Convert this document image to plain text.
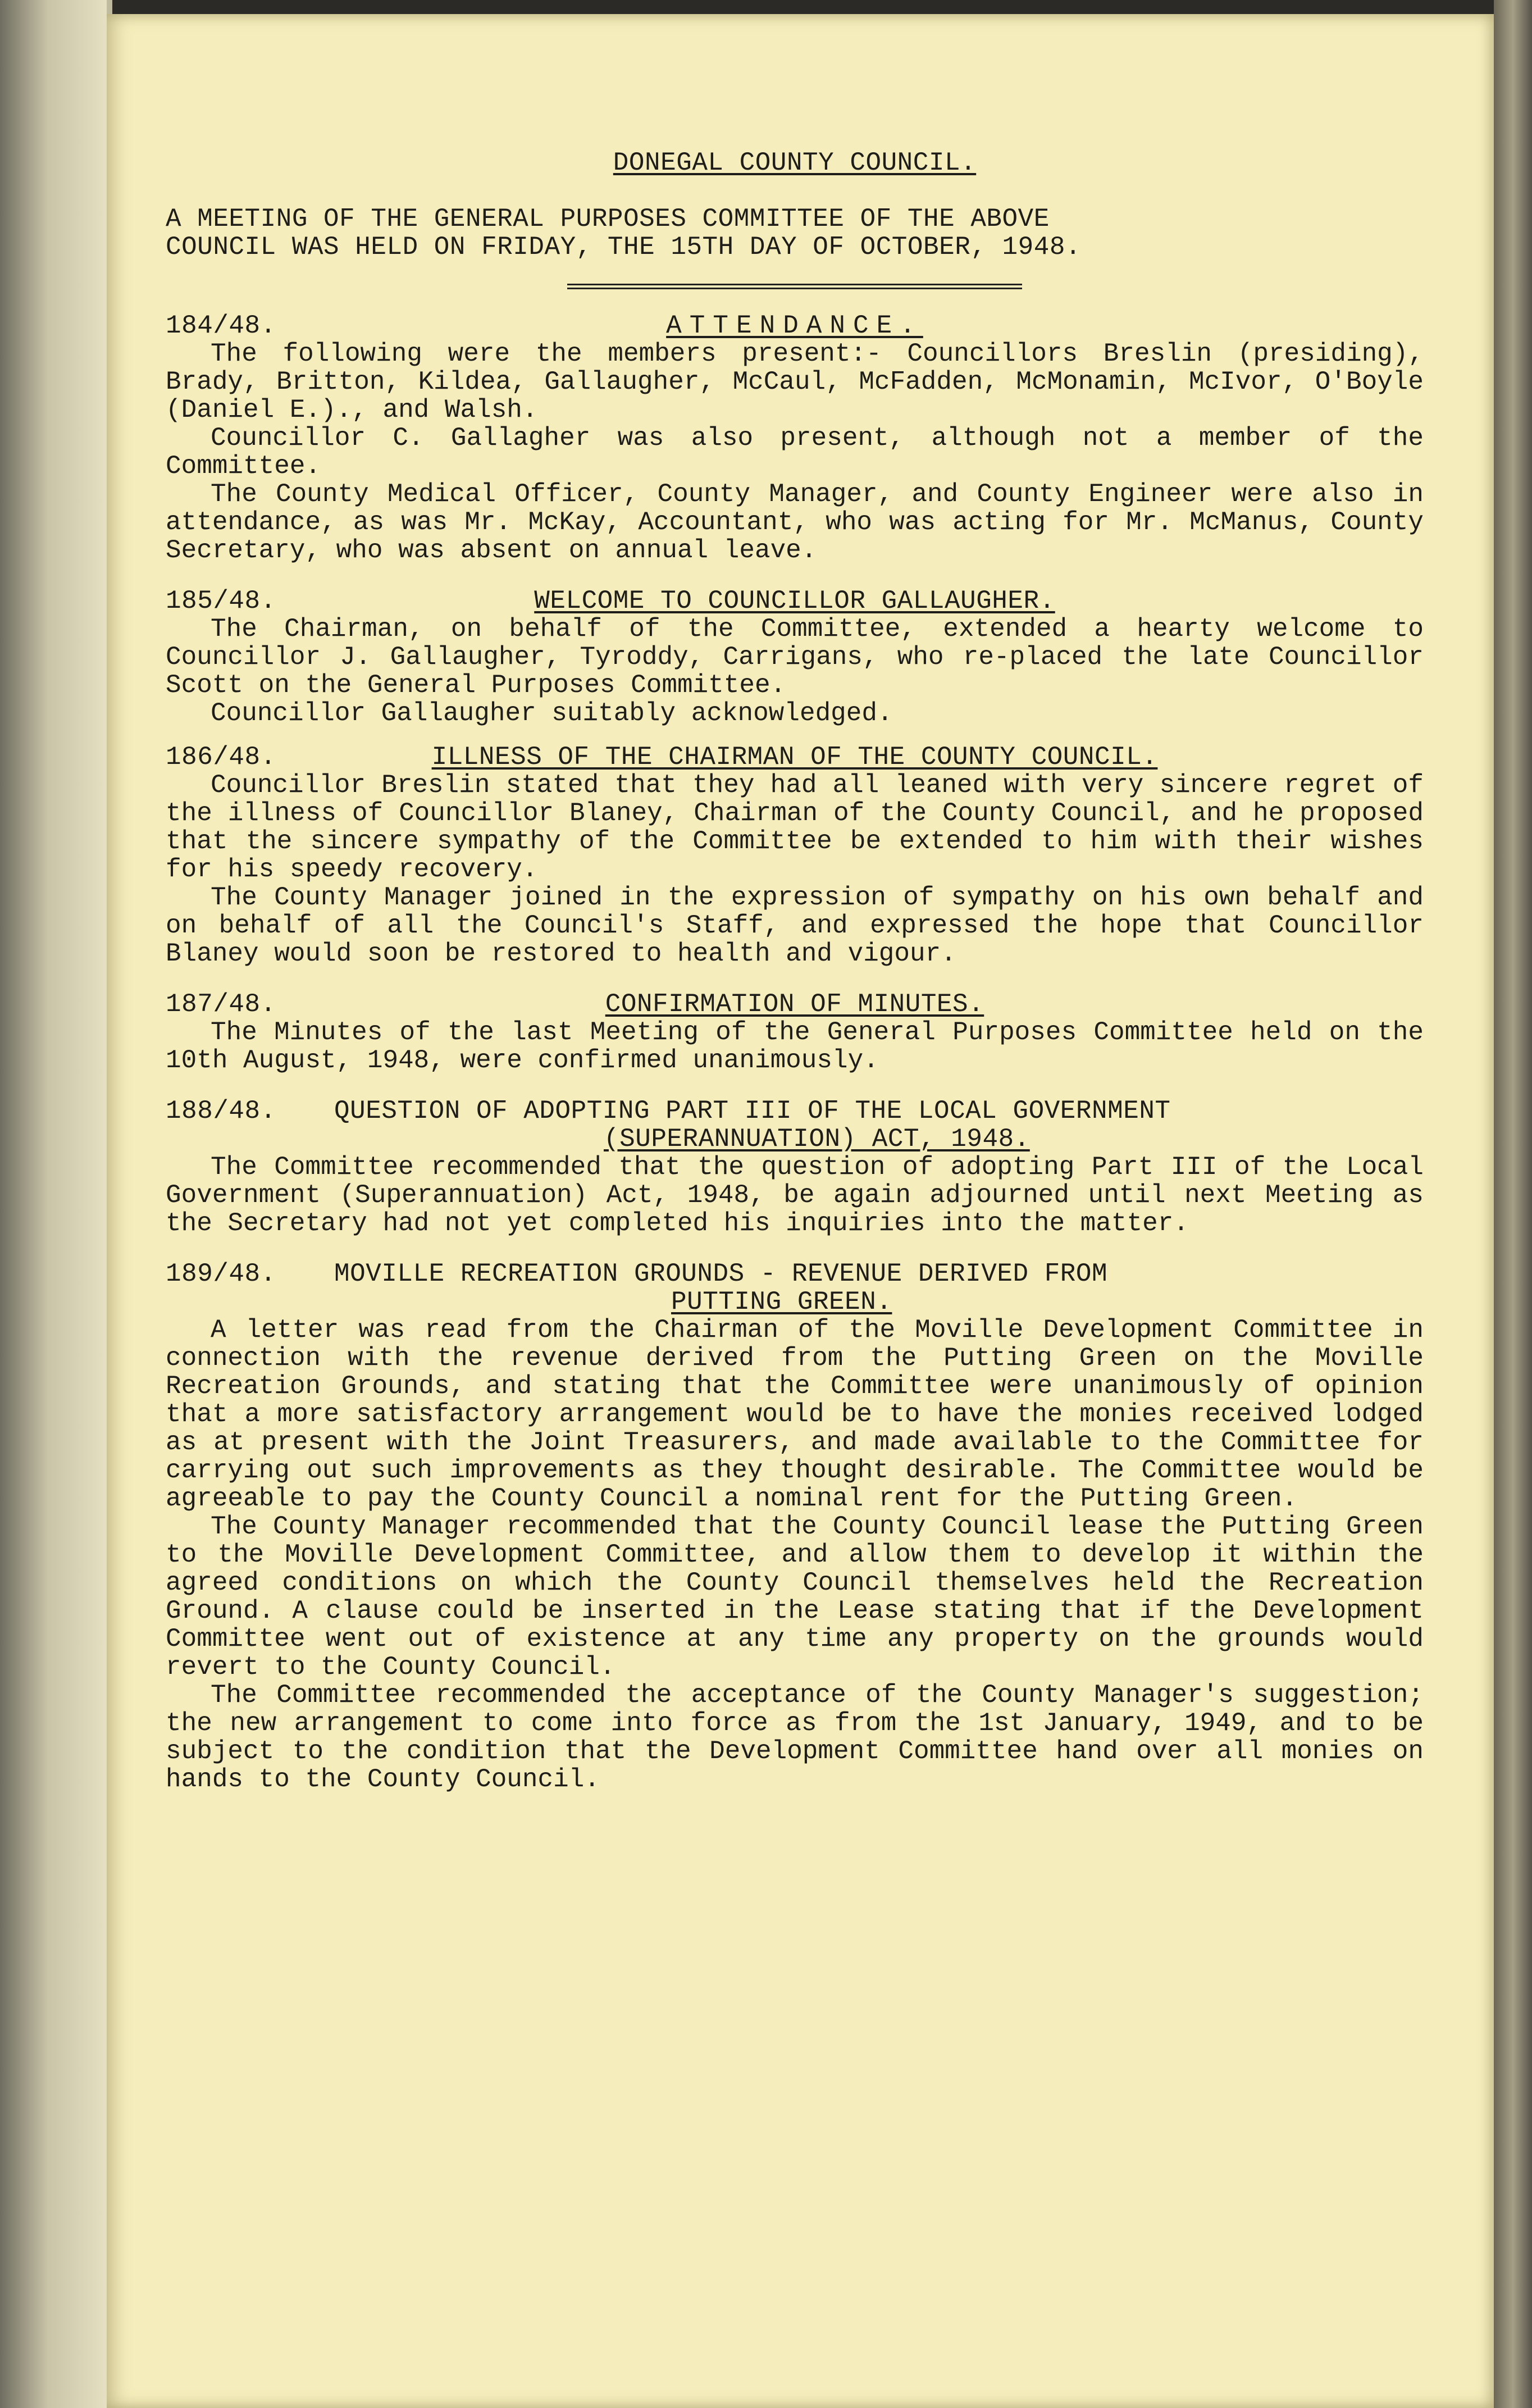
DONEGAL COUNTY COUNCIL.
A MEETING OF THE GENERAL PURPOSES COMMITTEE OF THE ABOVE
COUNCIL WAS HELD ON FRIDAY, THE 15TH DAY OF OCTOBER, 1948.
184/48.	ATTENDANCE.
The following were the members present:- Councillors Breslin (presiding), Brady, Britton, Kildea, Gallaugher, McCaul, McFadden, McMonamin, McIvor, O'Boyle (Daniel E.)., and Walsh.
Councillor C. Gallagher was also present, although not a member of the Committee.
The County Medical Officer, County Manager, and County Engineer were also in attendance, as was Mr. McKay, Accountant, who was acting for Mr. McManus, County Secretary, who was absent on annual leave.
185/48.	WELCOME TO COUNCILLOR GALLAUGHER.
The Chairman, on behalf of the Committee, extended a hearty welcome to Councillor J. Gallaugher, Tyroddy, Carrigans, who re-placed the late Councillor Scott on the General Purposes Committee.
Councillor Gallaugher suitably acknowledged.
186/48.	ILLNESS OF THE CHAIRMAN OF THE COUNTY COUNCIL.
Councillor Breslin stated that they had all leaned with very sincere regret of the illness of Councillor Blaney, Chairman of the County Council, and he proposed that the sincere sympathy of the Committee be extended to him with their wishes for his speedy recovery.
The County Manager joined in the expression of sympathy on his own behalf and on behalf of all the Council's Staff, and expressed the hope that Councillor Blaney would soon be restored to health and vigour.
187/48.	CONFIRMATION OF MINUTES.
The Minutes of the last Meeting of the General Purposes Committee held on the 10th August, 1948, were confirmed unanimously.
188/48. QUESTION OF ADOPTING PART III OF THE LOCAL GOVERNMENT
(SUPERANNUATION) ACT, 1948.
The Committee recommended that the question of adopting Part III of the Local Government (Superannuation) Act, 1948, be again adjourned until next Meeting as the Secretary had not yet completed his inquiries into the matter.
189/48. MOVILLE RECREATION GROUNDS - REVENUE DERIVED FROM
PUTTING GREEN.
A letter was read from the Chairman of the Moville Development Committee in connection with the revenue derived from the Putting Green on the Moville Recreation Grounds, and stating that the Committee were unanimously of opinion that a more satisfactory arrangement would be to have the monies received lodged as at present with the Joint Treasurers, and made available to the Committee for carrying out such improvements as they thought desirable. The Committee would be agreeable to pay the County Council a nominal rent for the Putting Green.
The County Manager recommended that the County Council lease the Putting Green to the Moville Development Committee, and allow them to develop it within the agreed conditions on which the County Council themselves held the Recreation Ground. A clause could be inserted in the Lease stating that if the Development Committee went out of existence at any time any property on the grounds would revert to the County Council.
The Committee recommended the acceptance of the County Manager's suggestion; the new arrangement to come into force as from the 1st January, 1949, and to be subject to the condition that the Development Committee hand over all monies on hands to the County Council.
